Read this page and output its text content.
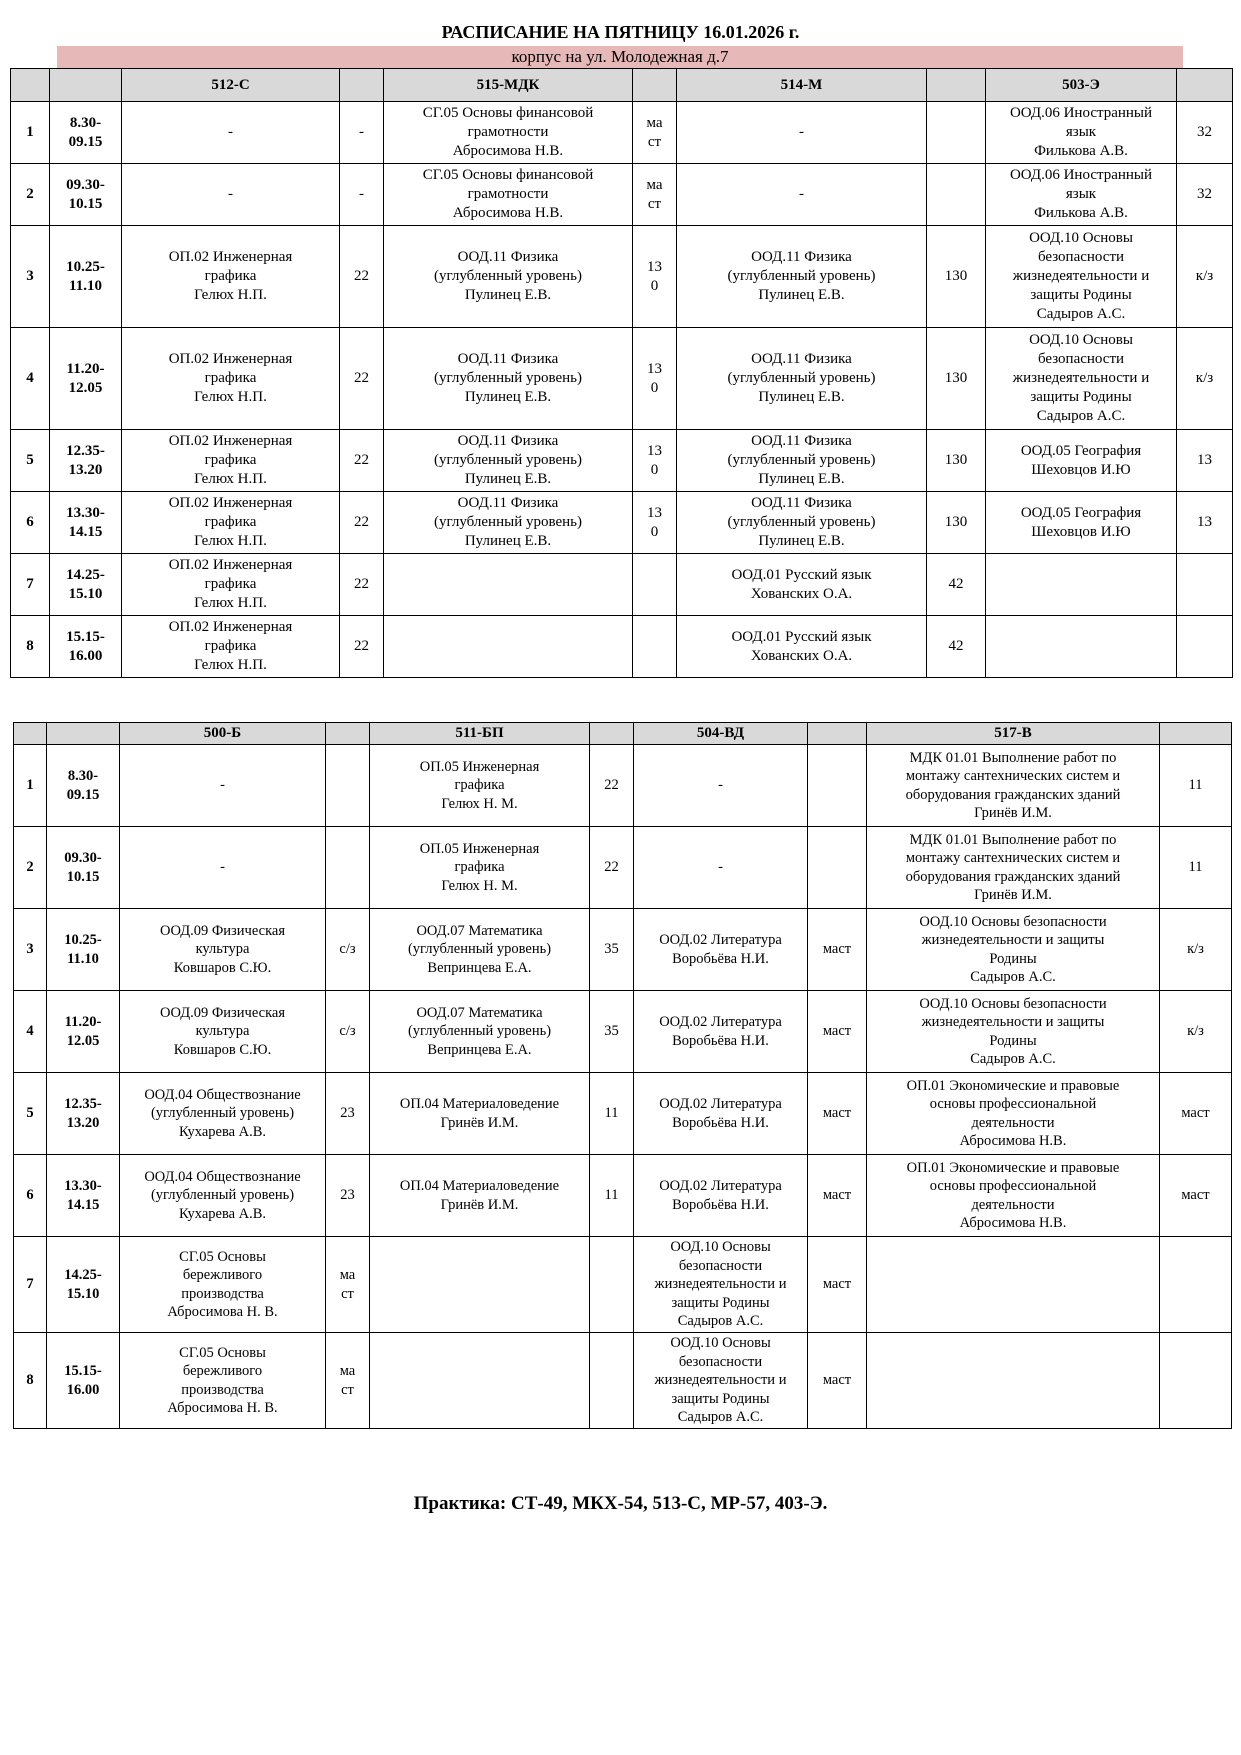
РАСПИСАНИЕ НА ПЯТНИЦУ 16.01.2026 г.
корпус на ул. Молодежная д.7
		512-С		515-МДК		514-М		503-Э	
1	8.30-
09.15	-	-	СГ.05 Основы финансовой
грамотности
Абросимова Н.В.	ма
ст	-		ООД.06 Иностранный
язык
Филькова А.В.	32
2	09.30-
10.15	-	-	СГ.05 Основы финансовой
грамотности
Абросимова Н.В.	ма
ст	-		ООД.06 Иностранный
язык
Филькова А.В.	32
3	10.25-
11.10	ОП.02 Инженерная
графика
Гелюх Н.П.	22	ООД.11 Физика
(углубленный уровень)
Пулинец Е.В.	13
0	ООД.11 Физика
(углубленный уровень)
Пулинец Е.В.	130	ООД.10 Основы
безопасности
жизнедеятельности и
защиты Родины
Садыров А.С.	к/з
4	11.20-
12.05	ОП.02 Инженерная
графика
Гелюх Н.П.	22	ООД.11 Физика
(углубленный уровень)
Пулинец Е.В.	13
0	ООД.11 Физика
(углубленный уровень)
Пулинец Е.В.	130	ООД.10 Основы
безопасности
жизнедеятельности и
защиты Родины
Садыров А.С.	к/з
5	12.35-
13.20	ОП.02 Инженерная
графика
Гелюх Н.П.	22	ООД.11 Физика
(углубленный уровень)
Пулинец Е.В.	13
0	ООД.11 Физика
(углубленный уровень)
Пулинец Е.В.	130	ООД.05 География
Шеховцов И.Ю	13
6	13.30-
14.15	ОП.02 Инженерная
графика
Гелюх Н.П.	22	ООД.11 Физика
(углубленный уровень)
Пулинец Е.В.	13
0	ООД.11 Физика
(углубленный уровень)
Пулинец Е.В.	130	ООД.05 География
Шеховцов И.Ю	13
7	14.25-
15.10	ОП.02 Инженерная
графика
Гелюх Н.П.	22			ООД.01 Русский язык
Хованских О.А.	42		
8	15.15-
16.00	ОП.02 Инженерная
графика
Гелюх Н.П.	22			ООД.01 Русский язык
Хованских О.А.	42		
		500-Б		511-БП		504-ВД		517-В	
1	8.30-
09.15	-		ОП.05 Инженерная
графика
Гелюх Н. М.	22	-		МДК 01.01 Выполнение работ по
монтажу сантехнических систем и
оборудования гражданских зданий
Гринёв И.М.	11
2	09.30-
10.15	-		ОП.05 Инженерная
графика
Гелюх Н. М.	22	-		МДК 01.01 Выполнение работ по
монтажу сантехнических систем и
оборудования гражданских зданий
Гринёв И.М.	11
3	10.25-
11.10	ООД.09 Физическая
культура
Ковшаров С.Ю.	с/з	ООД.07 Математика
(углубленный уровень)
Вепринцева Е.А.	35	ООД.02 Литература
Воробьёва Н.И.	маст	ООД.10 Основы безопасности
жизнедеятельности и защиты
Родины
Садыров А.С.	к/з
4	11.20-
12.05	ООД.09 Физическая
культура
Ковшаров С.Ю.	с/з	ООД.07 Математика
(углубленный уровень)
Вепринцева Е.А.	35	ООД.02 Литература
Воробьёва Н.И.	маст	ООД.10 Основы безопасности
жизнедеятельности и защиты
Родины
Садыров А.С.	к/з
5	12.35-
13.20	ООД.04 Обществознание
(углубленный уровень)
Кухарева А.В.	23	ОП.04 Материаловедение
Гринёв И.М.	11	ООД.02 Литература
Воробьёва Н.И.	маст	ОП.01 Экономические и правовые
основы профессиональной
деятельности
Абросимова Н.В.	маст
6	13.30-
14.15	ООД.04 Обществознание
(углубленный уровень)
Кухарева А.В.	23	ОП.04 Материаловедение
Гринёв И.М.	11	ООД.02 Литература
Воробьёва Н.И.	маст	ОП.01 Экономические и правовые
основы профессиональной
деятельности
Абросимова Н.В.	маст
7	14.25-
15.10	СГ.05 Основы
бережливого
производства
Абросимова Н. В.	ма
ст			ООД.10 Основы
безопасности
жизнедеятельности и
защиты Родины
Садыров А.С.	маст		
8	15.15-
16.00	СГ.05 Основы
бережливого
производства
Абросимова Н. В.	ма
ст			ООД.10 Основы
безопасности
жизнедеятельности и
защиты Родины
Садыров А.С.	маст		
Практика: СТ-49, МКХ-54, 513-С, МР-57, 403-Э.
